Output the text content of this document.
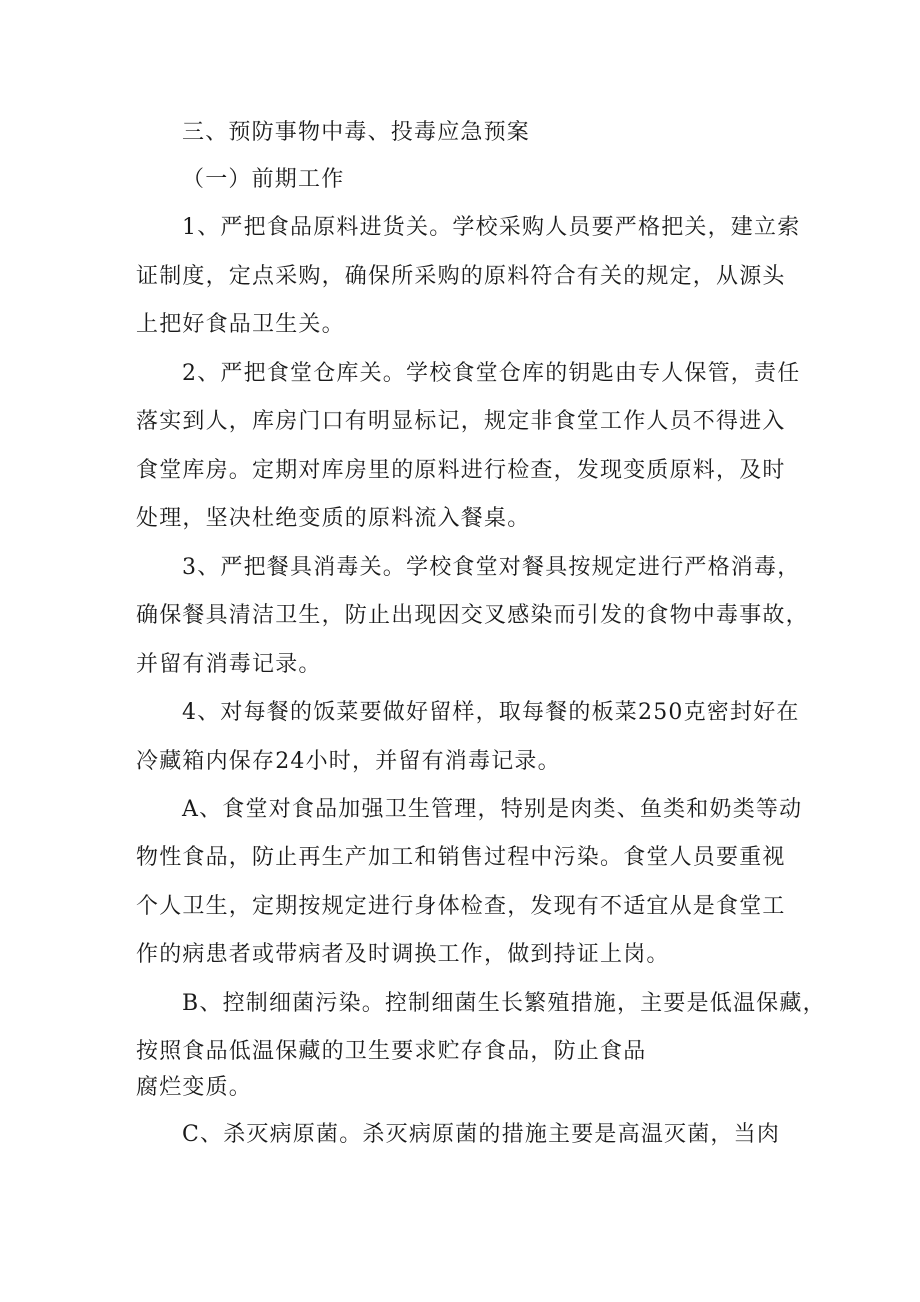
三、预防事物中毒、投毒应急预案
（一）前期工作
1、严把食品原料进货关。学校采购人员要严格把关，建立索
证制度，定点采购，确保所采购的原料符合有关的规定，从源头
上把好食品卫生关。
2、严把食堂仓库关。学校食堂仓库的钥匙由专人保管，责任
落实到人，库房门口有明显标记，规定非食堂工作人员不得进入
食堂库房。定期对库房里的原料进行检查，发现变质原料，及时
处理，坚决杜绝变质的原料流入餐桌。
3、严把餐具消毒关。学校食堂对餐具按规定进行严格消毒，
确保餐具清洁卫生，防止出现因交叉感染而引发的食物中毒事故，
并留有消毒记录。
4、对每餐的饭菜要做好留样，取每餐的板菜250克密封好在
冷藏箱内保存24小时，并留有消毒记录。
A、食堂对食品加强卫生管理，特别是肉类、鱼类和奶类等动
物性食品，防止再生产加工和销售过程中污染。食堂人员要重视
个人卫生，定期按规定进行身体检查，发现有不适宜从是食堂工
作的病患者或带病者及时调换工作，做到持证上岗。
B、控制细菌污染。控制细菌生长繁殖措施，主要是低温保藏，
按照食品低温保藏的卫生要求贮存食品，防止食品
腐烂变质。
C、杀灭病原菌。杀灭病原菌的措施主要是高温灭菌，当肉
